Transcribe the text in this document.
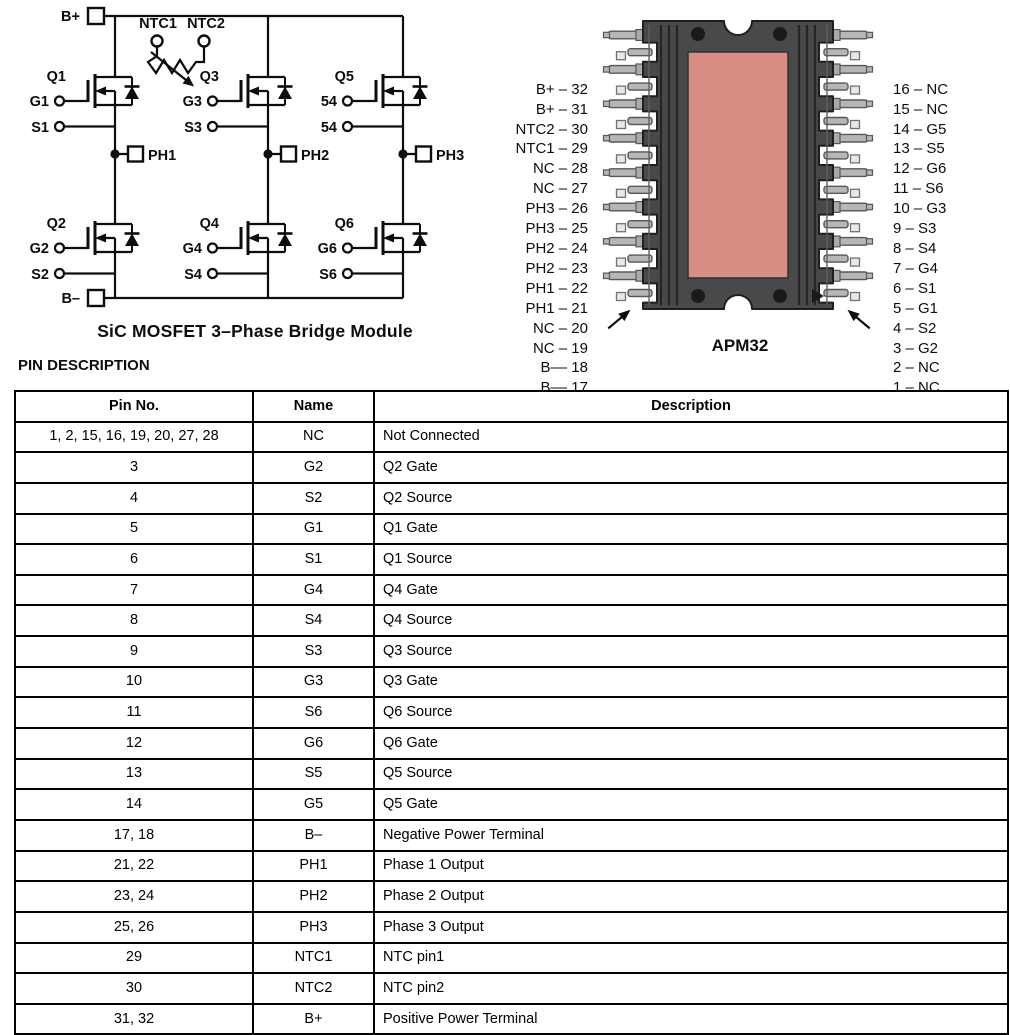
B+
B–
NTC1 NTC2
Q1
G1
S1
Q2
G2
S2
Q3
G3
S3
Q4
G4
S4
Q5
54
54
Q6
G6
S6
PH1	PH2	PH3
SiC MOSFET 3–Phase Bridge Module

B+ – 32
B+ – 31
NTC2 – 30
NTC1 – 29
NC – 28
NC – 27
PH3 – 26
PH3 – 25
PH2 – 24
PH2 – 23
PH1 – 22
PH1 – 21
NC – 20
NC – 19
B–– 18
B–– 17

16 – NC
15 – NC
14 – G5
13 – S5
12 – G6
11 – S6
10 – G3
9 – S3
8 – S4
7 – G4
6 – S1
5 – G1
4 – S2
3 – G2
2 – NC
1 – NC
APM32
PIN DESCRIPTION
Pin No.	Name	Description
1, 2, 15, 16, 19, 20, 27, 28	NC	Not Connected
3	G2	Q2 Gate
4	S2	Q2 Source
5	G1	Q1 Gate
6	S1	Q1 Source
7	G4	Q4 Gate
8	S4	Q4 Source
9	S3	Q3 Source
10	G3	Q3 Gate
11	S6	Q6 Source
12	G6	Q6 Gate
13	S5	Q5 Source
14	G5	Q5 Gate
17, 18	B–	Negative Power Terminal
21, 22	PH1	Phase 1 Output
23, 24	PH2	Phase 2 Output
25, 26	PH3	Phase 3 Output
29	NTC1	NTC pin1
30	NTC2	NTC pin2
31, 32	B+	Positive Power Terminal
